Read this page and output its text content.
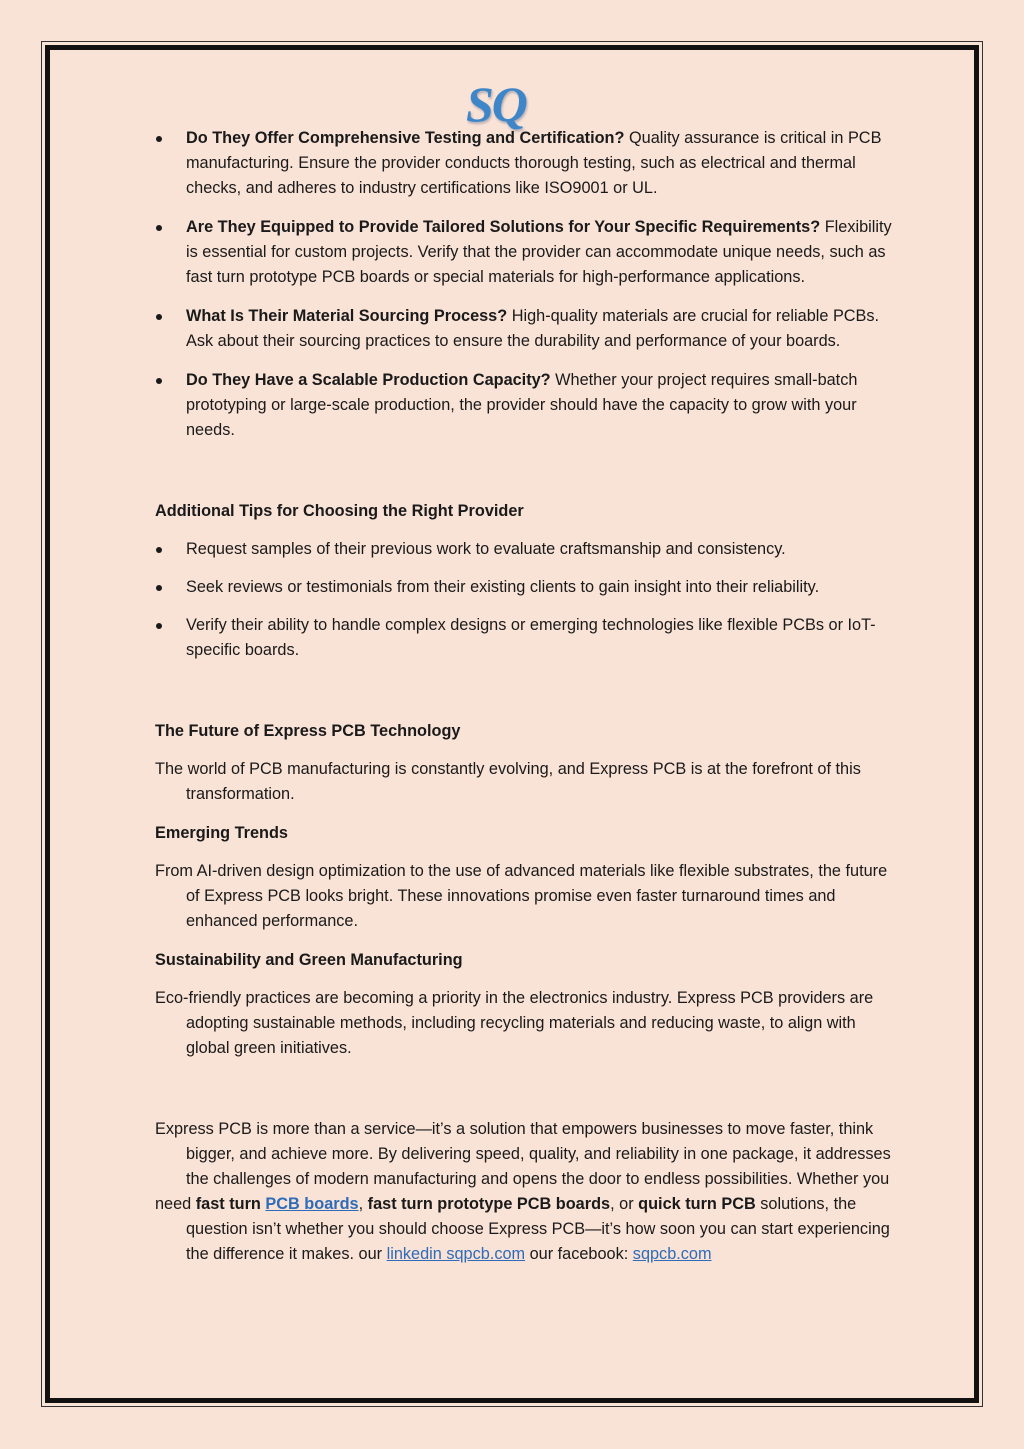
SQ
Do They Offer Comprehensive Testing and Certification? Quality assurance is critical in PCB manufacturing. Ensure the provider conducts thorough testing, such as electrical and thermal checks, and adheres to industry certifications like ISO9001 or UL.
Are They Equipped to Provide Tailored Solutions for Your Specific Requirements? Flexibility is essential for custom projects. Verify that the provider can accommodate unique needs, such as fast turn prototype PCB boards or special materials for high-performance applications.
What Is Their Material Sourcing Process? High-quality materials are crucial for reliable PCBs. Ask about their sourcing practices to ensure the durability and performance of your boards.
Do They Have a Scalable Production Capacity? Whether your project requires small-batch prototyping or large-scale production, the provider should have the capacity to grow with your needs.
Additional Tips for Choosing the Right Provider
Request samples of their previous work to evaluate craftsmanship and consistency.
Seek reviews or testimonials from their existing clients to gain insight into their reliability.
Verify their ability to handle complex designs or emerging technologies like flexible PCBs or IoT-specific boards.
The Future of Express PCB Technology

The world of PCB manufacturing is constantly evolving, and Express PCB is at the forefront of this transformation.

Emerging Trends

From AI-driven design optimization to the use of advanced materials like flexible substrates, the future of Express PCB looks bright. These innovations promise even faster turnaround times and enhanced performance.

Sustainability and Green Manufacturing

Eco-friendly practices are becoming a priority in the electronics industry. Express PCB providers are adopting sustainable methods, including recycling materials and reducing waste, to align with global green initiatives.

Express PCB is more than a service—it’s a solution that empowers businesses to move faster, think bigger, and achieve more. By delivering speed, quality, and reliability in one package, it addresses the challenges of modern manufacturing and opens the door to endless possibilities. Whether you

need fast turn PCB boards, fast turn prototype PCB boards, or quick turn PCB solutions, the question isn’t whether you should choose Express PCB—it’s how soon you can start experiencing the difference it makes. our linkedin sqpcb.com our facebook: sqpcb.com
